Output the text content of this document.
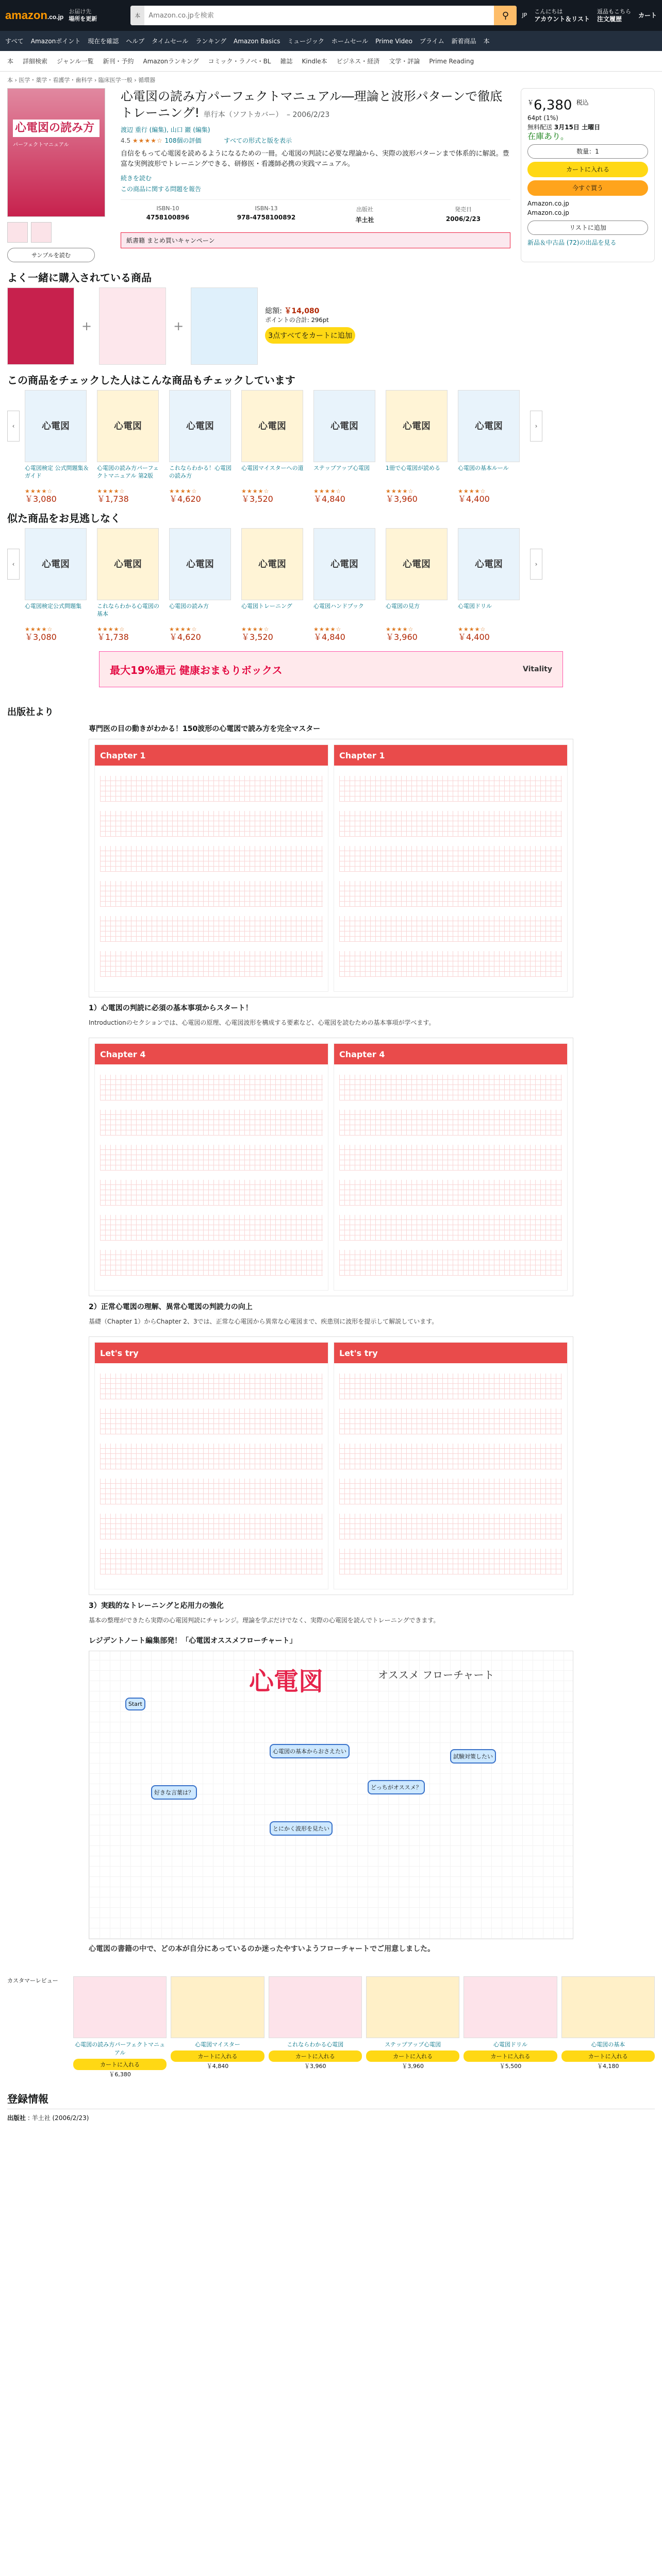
amazon.co.jp
お届け先
場所を更新	本
Amazon.co.jpを検索	⚲	JP
こんにちは
アカウント＆リスト
返品もこちら
注文履歴	カート
すべて Amazonポイント 現在を確認 ヘルプ タイムセール ランキング Amazon Basics ミュージック ホームセール Prime Video プライム 新着商品 本
本 詳細検索 ジャンル一覧 新刊・予約 Amazonランキング コミック・ラノベ・BL 雑誌 Kindle本 ビジネス・経済 文学・評論 Prime Reading
本 › 医学・薬学・看護学・歯科学 › 臨床医学一般 › 循環器
心電図の読み方
パーフェクトマニュアル
サンプルを読む
心電図の読み方パーフェクトマニュアル―理論と波形パターンで徹底トレーニング! 単行本（ソフトカバー） – 2006/2/23
渡辺 重行 (編集), 山口 巖 (編集)
4.5 ★★★★☆ 108個の評価	すべての形式と版を表示

自信をもって心電図を読めるようになるための一冊。心電図の判読に必要な理論から、実際の波形パターンまで体系的に解説。豊富な実例波形でトレーニングできる、研修医・看護師必携の実践マニュアル。

続きを読む
この商品に関する問題を報告
ISBN-10
4758100896
ISBN-13
978-4758100892
出版社
羊土社
発売日
2006/2/23
紙書籍 まとめ買いキャンペーン
￥6,380 $^{税込}$
64pt (1%)
無料配送 3月15日 土曜日
在庫あり。
数量：1
カートに入れる
今すぐ買う
Amazon.co.jp
Amazon.co.jp
リストに追加
新品＆中古品 (72)の出品を見る
よく一緒に購入されている商品
+	+
総額: ￥14,080
ポイントの合計: 296pt
3点すべてをカートに追加
この商品をチェックした人はこんな商品もチェックしています
‹	心電図
心電図検定 公式問題集＆ガイド
★★★★☆
￥3,080
心電図
心電図の読み方パーフェクトマニュアル 第2版
★★★★☆
￥1,738
心電図
これならわかる！心電図の読み方
★★★★☆
￥4,620
心電図
心電図マイスターへの道
★★★★☆
￥3,520
心電図
ステップアップ心電図
★★★★☆
￥4,840
心電図
1冊で心電図が読める
★★★★☆
￥3,960
心電図
心電図の基本ルール
★★★★☆
￥4,400
›
似た商品をお見逃しなく
‹	心電図
心電図検定公式問題集
★★★★☆
￥3,080
心電図
これならわかる心電図の基本
★★★★☆
￥1,738
心電図
心電図の読み方
★★★★☆
￥4,620
心電図
心電図トレーニング
★★★★☆
￥3,520
心電図
心電図ハンドブック
★★★★☆
￥4,840
心電図
心電図の見方
★★★★☆
￥3,960
心電図
心電図ドリル
★★★★☆
￥4,400
›
最大19%還元 健康おまもりボックス	Vitality
出版社より
専門医の目の動きがわかる！150波形の心電図で読み方を完全マスター
Chapter 1	Chapter 1
1）心電図の判読に必須の基本事項からスタート！
Introductionのセクションでは、心電図の原理、心電図波形を構成する要素など、心電図を読むための基本事項が学べます。
Chapter 4	Chapter 4
2）正常心電図の理解、異常心電図の判読力の向上
基礎（Chapter 1）からChapter 2、3では、正常な心電図から異常な心電図まで、疾患別に波形を提示して解説しています。
Let's try	Let's try
3）実践的なトレーニングと応用力の強化
基本の整理ができたら実際の心電図判読にチャレンジ。理論を学ぶだけでなく、実際の心電図を読んでトレーニングできます。
レジデントノート編集部発！「心電図オススメフローチャート」
心電図	オススメ フローチャート
Start
好きな言葉は？
心電図の基本からおさえたい
とにかく波形を見たい
どっちがオススメ？
試験対策したい
心電図の書籍の中で、どの本が自分にあっているのか迷ったやすいようフローチャートでご用意しました。
カスタマーレビュー
心電図の読み方パーフェクトマニュアル
カートに入れる
￥6,380
心電図マイスター
カートに入れる
￥4,840
これならわかる心電図
カートに入れる
￥3,960
ステップアップ心電図
カートに入れる
￥3,960
心電図ドリル
カートに入れる
￥5,500
心電図の基本
カートに入れる
￥4,180
登録情報
出版社 : 羊土社 (2006/2/23)
